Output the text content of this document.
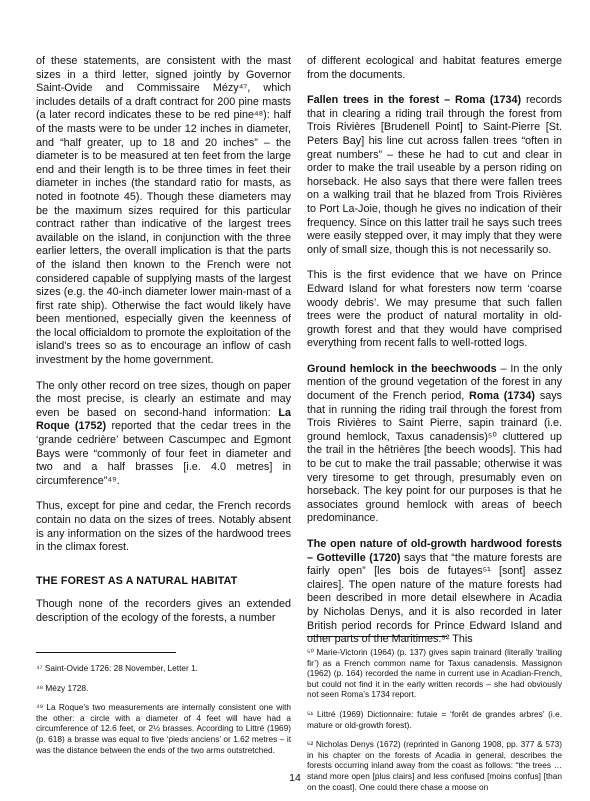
of these statements, are consistent with the mast sizes in a third letter, signed jointly by Governor Saint-Ovide and Commissaire Mézy⁴⁷, which includes details of a draft contract for 200 pine masts (a later record indicates these to be red pine⁴⁸): half of the masts were to be under 12 inches in diameter, and “half greater, up to 18 and 20 inches” – the diameter is to be measured at ten feet from the large end and their length is to be three times in feet their diameter in inches (the standard ratio for masts, as noted in footnote 45). Though these diameters may be the maximum sizes required for this particular contract rather than indicative of the largest trees available on the island, in conjunction with the three earlier letters, the overall implication is that the parts of the island then known to the French were not considered capable of supplying masts of the largest sizes (e.g. the 40-inch diameter lower main-mast of a first rate ship). Otherwise the fact would likely have been mentioned, especially given the keenness of the local officialdom to promote the exploitation of the island’s trees so as to encourage an inflow of cash investment by the home government.

The only other record on tree sizes, though on paper the most precise, is clearly an estimate and may even be based on second-hand information: La Roque (1752) reported that the cedar trees in the ‘grande cedrière’ between Cascumpec and Egmont Bays were “commonly of four feet in diameter and two and a half brasses [i.e. 4.0 metres] in circumference”⁴⁹.

Thus, except for pine and cedar, the French records contain no data on the sizes of trees. Notably absent is any information on the sizes of the hardwood trees in the climax forest.

THE FOREST AS A NATURAL HABITAT

Though none of the recorders gives an extended description of the ecology of the forests, a number

of different ecological and habitat features emerge from the documents.

Fallen trees in the forest – Roma (1734) records that in clearing a riding trail through the forest from Trois Rivières [Brudenell Point] to Saint-Pierre [St. Peters Bay] his line cut across fallen trees “often in great numbers” – these he had to cut and clear in order to make the trail useable by a person riding on horseback. He also says that there were fallen trees on a walking trail that he blazed from Trois Rivières to Port La-Joie, though he gives no indication of their frequency. Since on this latter trail he says such trees were easily stepped over, it may imply that they were only of small size, though this is not necessarily so.

This is the first evidence that we have on Prince Edward Island for what foresters now term ‘coarse woody debris’. We may presume that such fallen trees were the product of natural mortality in old-growth forest and that they would have comprised everything from recent falls to well-rotted logs.

Ground hemlock in the beechwoods – In the only mention of the ground vegetation of the forest in any document of the French period, Roma (1734) says that in running the riding trail through the forest from Trois Rivières to Saint Pierre, sapin trainard (i.e. ground hemlock, Taxus canadensis)⁵⁰ cluttered up the trail in the hêtrières [the beech woods]. This had to be cut to make the trail passable; otherwise it was very tiresome to get through, presumably even on horseback. The key point for our purposes is that he associates ground hemlock with areas of beech predominance.

The open nature of old-growth hardwood forests – Gotteville (1720) says that “the mature forests are fairly open” [les bois de futayes⁵¹ [sont] assez claires]. The open nature of the mature forests had been described in more detail elsewhere in Acadia by Nicholas Denys, and it is also recorded in later British period records for Prince Edward Island and other parts of the Maritimes.⁵² This

⁴⁷ Saint-Ovide 1726: 28 November, Letter 1.

⁴⁸ Mézy 1728.

⁴⁹ La Roque’s two measurements are internally consistent one with the other: a circle with a diameter of 4 feet will have had a circumference of 12.6 feet, or 2½ brasses. According to Littré (1969) (p. 618) a brasse was equal to five ‘pieds anciens’ or 1.62 metres – it was the distance between the ends of the two arms outstretched.

⁵⁰ Marie-Victorin (1964) (p. 137) gives sapin trainard (literally ‘trailing fir’) as a French common name for Taxus canadensis. Massignon (1962) (p. 164) recorded the name in current use in Acadian-French, but could not find it in the early written records – she had obviously not seen Roma’s 1734 report.

⁵¹ Littré (1969) Dictionnaire: futaie = ‘forêt de grandes arbres’ (i.e. mature or old-growth forest).

⁵² Nicholas Denys (1672) (reprinted in Ganong 1908, pp. 377 & 573) in his chapter on the forests of Acadia in general, describes the forests occurring inland away from the coast as follows: “the trees … stand more open [plus clairs] and less confused [moins confus] [than on the coast]. One could there chase a moose on

14
